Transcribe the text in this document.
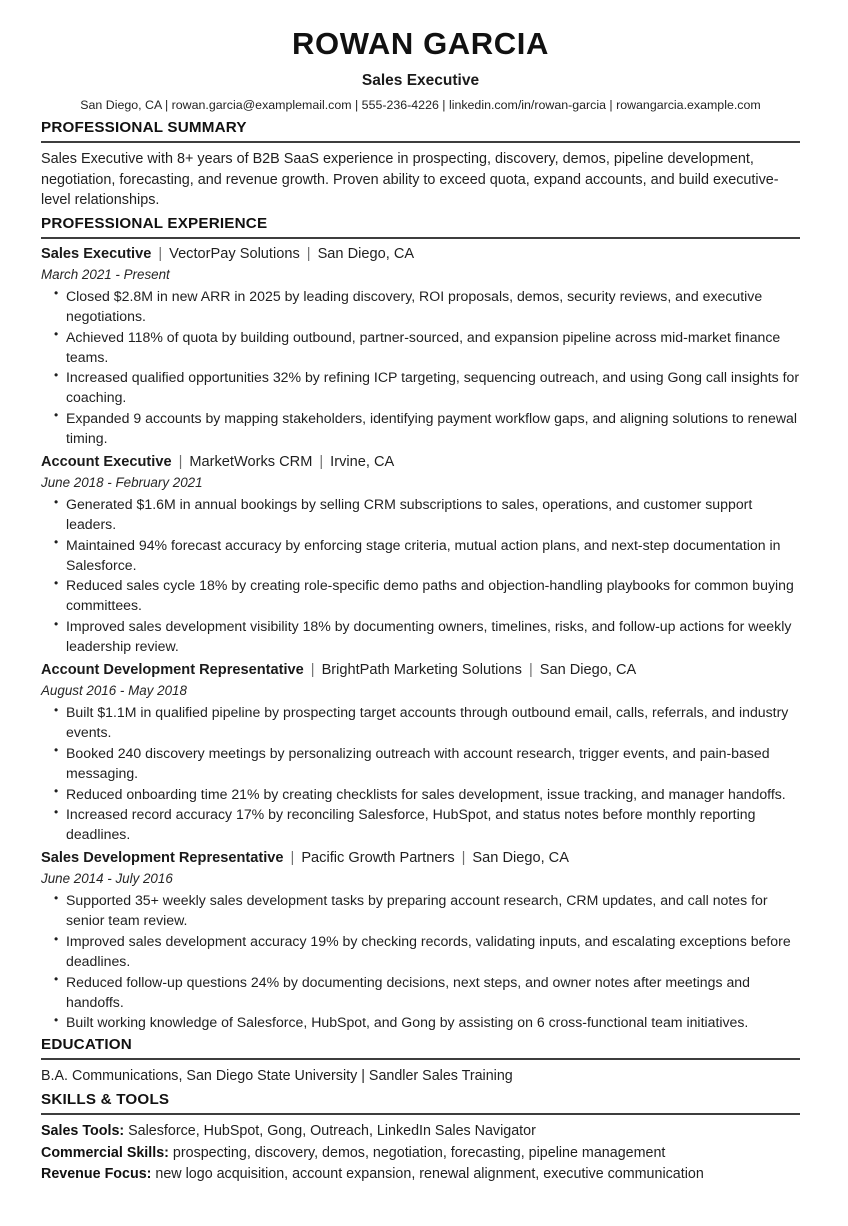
ROWAN GARCIA
Sales Executive
San Diego, CA | rowan.garcia@examplemail.com | 555-236-4226 | linkedin.com/in/rowan-garcia | rowangarcia.example.com
PROFESSIONAL SUMMARY

Sales Executive with 8+ years of B2B SaaS experience in prospecting, discovery, demos, pipeline development, negotiation, forecasting, and revenue growth. Proven ability to exceed quota, expand accounts, and build executive-level relationships.

PROFESSIONAL EXPERIENCE

Sales Executive | VectorPay Solutions | San Diego, CA

March 2021 - Present

• Closed $2.8M in new ARR in 2025 by leading discovery, ROI proposals, demos, security reviews, and executive negotiations.
• Achieved 118% of quota by building outbound, partner-sourced, and expansion pipeline across mid-market finance teams.
• Increased qualified opportunities 32% by refining ICP targeting, sequencing outreach, and using Gong call insights for coaching.
• Expanded 9 accounts by mapping stakeholders, identifying payment workflow gaps, and aligning solutions to renewal timing.

Account Executive | MarketWorks CRM | Irvine, CA

June 2018 - February 2021

• Generated $1.6M in annual bookings by selling CRM subscriptions to sales, operations, and customer support leaders.
• Maintained 94% forecast accuracy by enforcing stage criteria, mutual action plans, and next-step documentation in Salesforce.
• Reduced sales cycle 18% by creating role-specific demo paths and objection-handling playbooks for common buying committees.
• Improved sales development visibility 18% by documenting owners, timelines, risks, and follow-up actions for weekly leadership review.

Account Development Representative | BrightPath Marketing Solutions | San Diego, CA

August 2016 - May 2018

• Built $1.1M in qualified pipeline by prospecting target accounts through outbound email, calls, referrals, and industry events.
• Booked 240 discovery meetings by personalizing outreach with account research, trigger events, and pain-based messaging.
• Reduced onboarding time 21% by creating checklists for sales development, issue tracking, and manager handoffs.
• Increased record accuracy 17% by reconciling Salesforce, HubSpot, and status notes before monthly reporting deadlines.

Sales Development Representative | Pacific Growth Partners | San Diego, CA

June 2014 - July 2016

• Supported 35+ weekly sales development tasks by preparing account research, CRM updates, and call notes for senior team review.
• Improved sales development accuracy 19% by checking records, validating inputs, and escalating exceptions before deadlines.
• Reduced follow-up questions 24% by documenting decisions, next steps, and owner notes after meetings and handoffs.
• Built working knowledge of Salesforce, HubSpot, and Gong by assisting on 6 cross-functional team initiatives.
EDUCATION

B.A. Communications, San Diego State University | Sandler Sales Training

SKILLS & TOOLS

Sales Tools: Salesforce, HubSpot, Gong, Outreach, LinkedIn Sales Navigator

Commercial Skills: prospecting, discovery, demos, negotiation, forecasting, pipeline management

Revenue Focus: new logo acquisition, account expansion, renewal alignment, executive communication
